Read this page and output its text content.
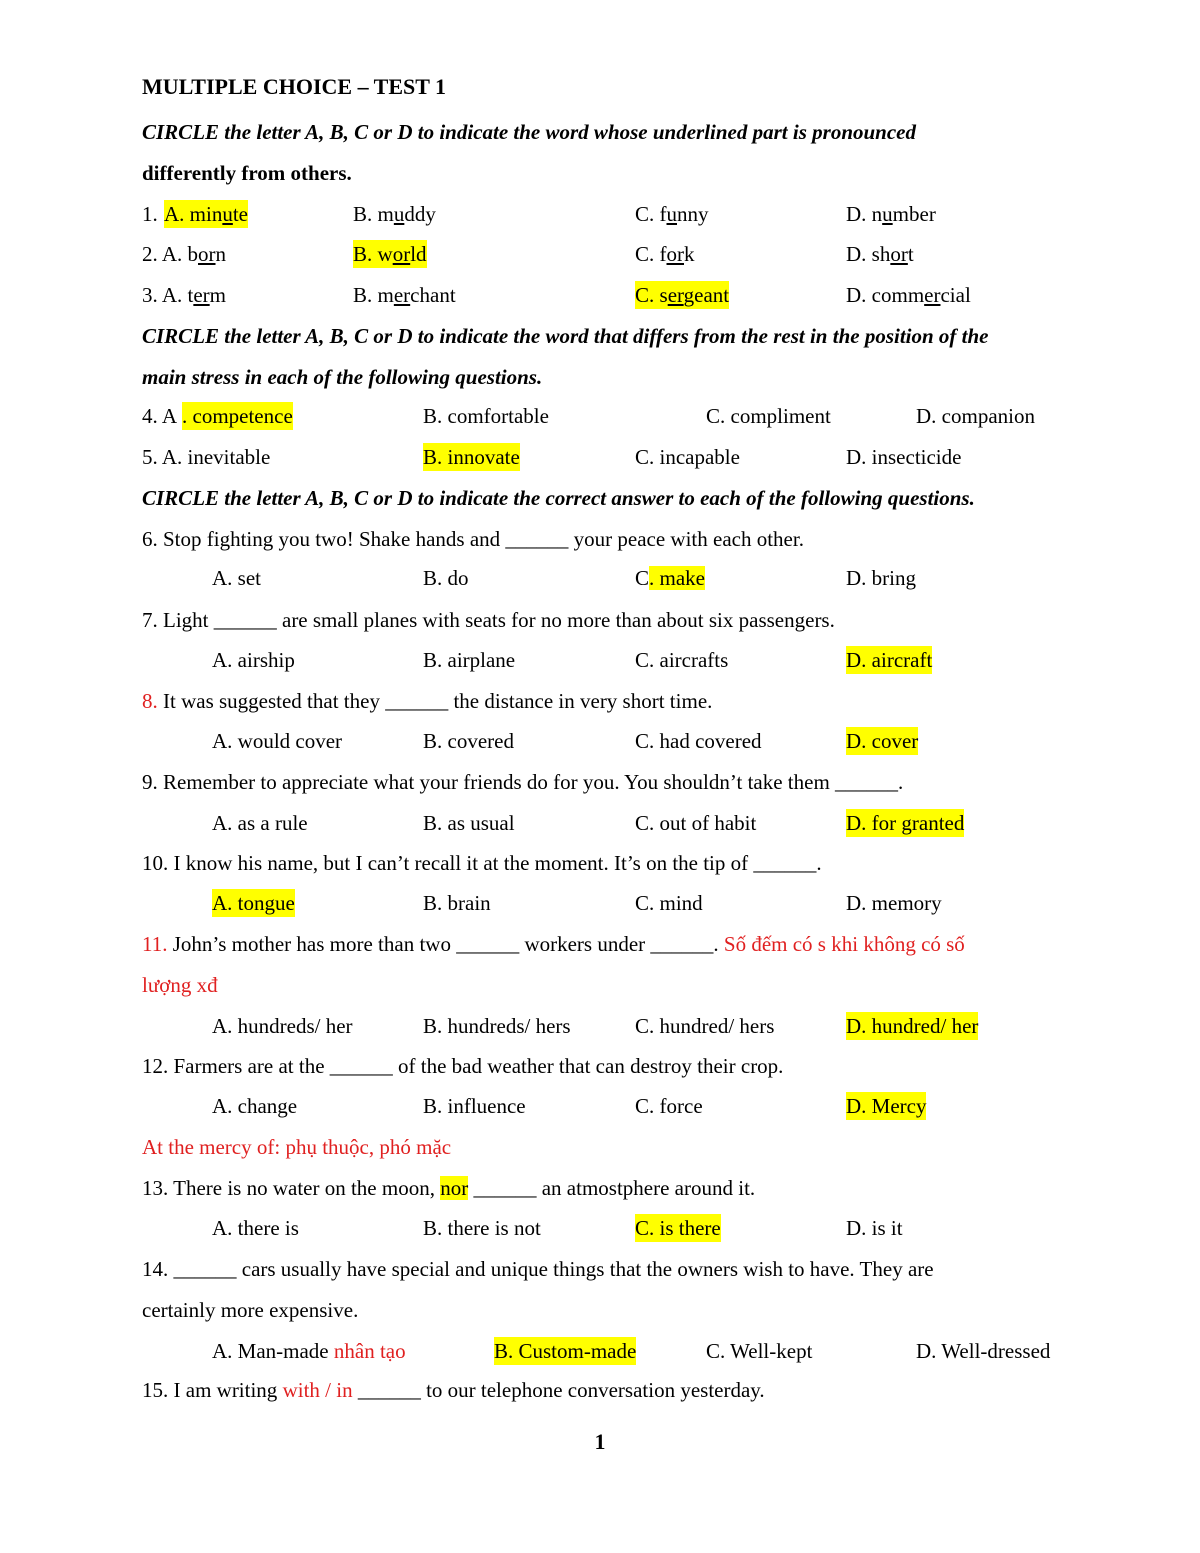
MULTIPLE CHOICE – TEST 1
CIRCLE the letter A, B, C or D to indicate the word whose underlined part is pronounced
differently from others.
1. A. minute	B. muddy	C. funny	D. number
2. A. born	B. world	C. fork	D. short
3. A. term	B. merchant	C. sergeant	D. commercial
CIRCLE the letter A, B, C or D to indicate the word that differs from the rest in the position of the
main stress in each of the following questions.
4. A . competence	B. comfortable	C. compliment	D. companion
5. A. inevitable	B. innovate	C. incapable	D. insecticide
CIRCLE the letter A, B, C or D to indicate the correct answer to each of the following questions.
6. Stop fighting you two! Shake hands and ______ your peace with each other.
A. set	B. do	C. make	D. bring
7. Light ______ are small planes with seats for no more than about six passengers.
A. airship	B. airplane	C. aircrafts	D. aircraft
8. It was suggested that they ______ the distance in very short time.
A. would cover	B. covered	C. had covered	D. cover
9. Remember to appreciate what your friends do for you. You shouldn’t take them ______.
A. as a rule	B. as usual	C. out of habit	D. for granted
10. I know his name, but I can’t recall it at the moment. It’s on the tip of ______.
A. tongue	B. brain	C. mind	D. memory
11. John’s mother has more than two ______ workers under ______. Số đếm có s khi không có số
lượng xđ
A. hundreds/ her	B. hundreds/ hers	C. hundred/ hers	D. hundred/ her
12. Farmers are at the ______ of the bad weather that can destroy their crop.
A. change	B. influence	C. force	D. Mercy
At the mercy of: phụ thuộc, phó mặc
13. There is no water on the moon, nor ______ an atmostphere around it.
A. there is	B. there is not	C. is there	D. is it
14. ______ cars usually have special and unique things that the owners wish to have. They are
certainly more expensive.
A. Man-made nhân tạo	B. Custom-made	C. Well-kept	D. Well-dressed
15. I am writing with / in ______ to our telephone conversation yesterday.
1
